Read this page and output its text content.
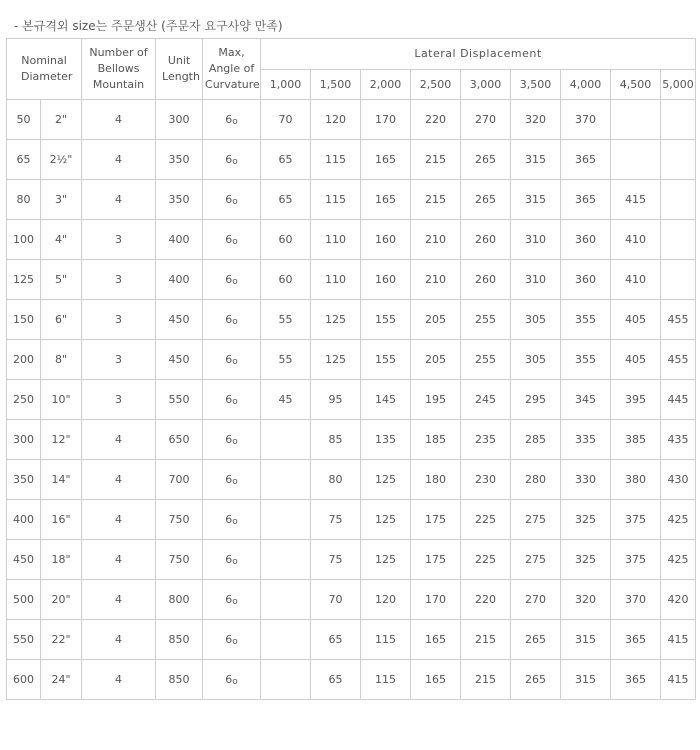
- 본규격외 size는 주문생산 (주문자 요구사양 만족)
Nominal Diameter		Number of Bellows Mountain	Unit Length	Max, Angle of Curvature	Lateral Displacement								
					1,000	1,500	2,000	2,500	3,000	3,500	4,000	4,500	5,000
50	2"	4	300	$6_o$	70	120	170	220	270	320	370		
65	2½"	4	350	$6_o$	65	115	165	215	265	315	365		
80	3"	4	350	$6_o$	65	115	165	215	265	315	365	415	
100	4"	3	400	$6_o$	60	110	160	210	260	310	360	410	
125	5"	3	400	$6_o$	60	110	160	210	260	310	360	410	
150	6"	3	450	$6_o$	55	125	155	205	255	305	355	405	455
200	8"	3	450	$6_o$	55	125	155	205	255	305	355	405	455
250	10"	3	550	$6_o$	45	95	145	195	245	295	345	395	445
300	12"	4	650	$6_o$		85	135	185	235	285	335	385	435
350	14"	4	700	$6_o$		80	125	180	230	280	330	380	430
400	16"	4	750	$6_o$		75	125	175	225	275	325	375	425
450	18"	4	750	$6_o$		75	125	175	225	275	325	375	425
500	20"	4	800	$6_o$		70	120	170	220	270	320	370	420
550	22"	4	850	$6_o$		65	115	165	215	265	315	365	415
600	24"	4	850	$6_o$		65	115	165	215	265	315	365	415
